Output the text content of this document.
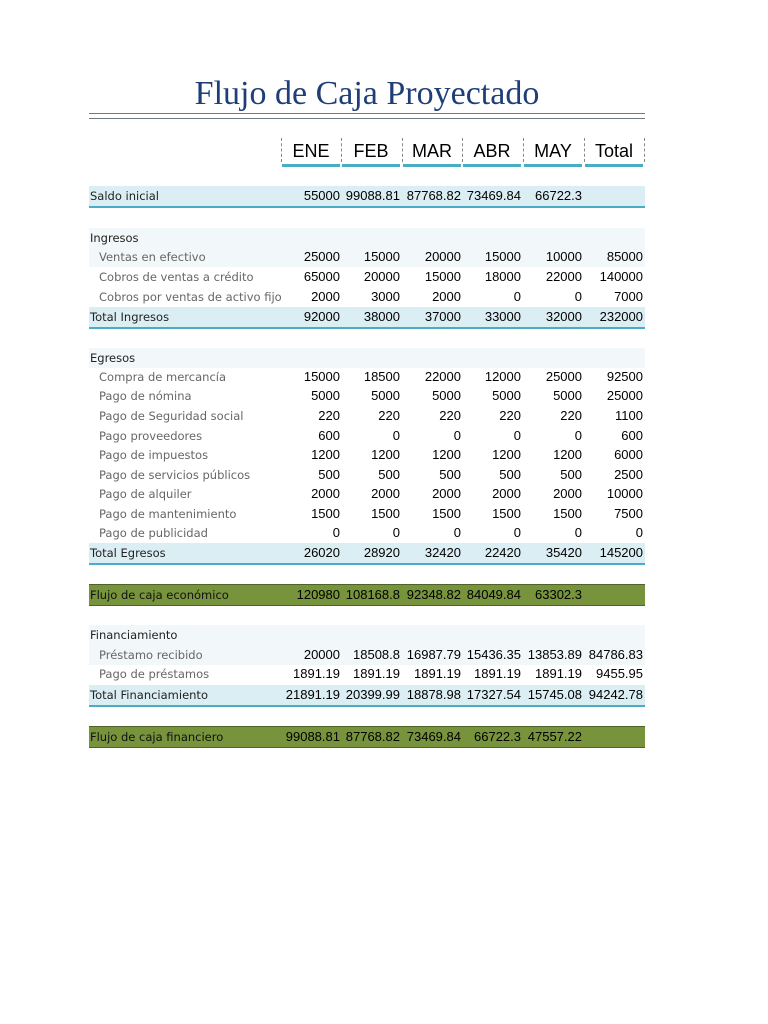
Flujo de Caja Proyectado
ENE	FEB	MAR	ABR	MAY	Total
Saldo inicial	55000 99088.81 87768.82 73469.84	66722.3
Ingresos
Ventas en efectivo	25000	15000	20000	15000	10000	85000
Cobros de ventas a crédito	65000	20000	15000	18000	22000	140000
Cobros por ventas de activo fijo	2000	3000	2000	0	0	7000
Total Ingresos	92000	38000	37000	33000	32000	232000
Egresos
Compra de mercancía	15000	18500	22000	12000	25000	92500
Pago de nómina	5000	5000	5000	5000	5000	25000
Pago de Seguridad social	220	220	220	220	220	1100
Pago proveedores	600	0	0	0	0	600
Pago de impuestos	1200	1200	1200	1200	1200	6000
Pago de servicios públicos	500	500	500	500	500	2500
Pago de alquiler	2000	2000	2000	2000	2000	10000
Pago de mantenimiento	1500	1500	1500	1500	1500	7500
Pago de publicidad	0	0	0	0	0	0
Total Egresos	26020	28920	32420	22420	35420	145200
Flujo de caja económico	120980 108168.8 92348.82 84049.84	63302.3
Financiamiento
Préstamo recibido	20000	18508.8 16987.79 15436.35 13853.89 84786.83
Pago de préstamos	1891.19	1891.19	1891.19	1891.19	1891.19	9455.95
Total Financiamiento	21891.19 20399.99 18878.98 17327.54 15745.08 94242.78
Flujo de caja financiero	99088.81 87768.82 73469.84	66722.3 47557.22
